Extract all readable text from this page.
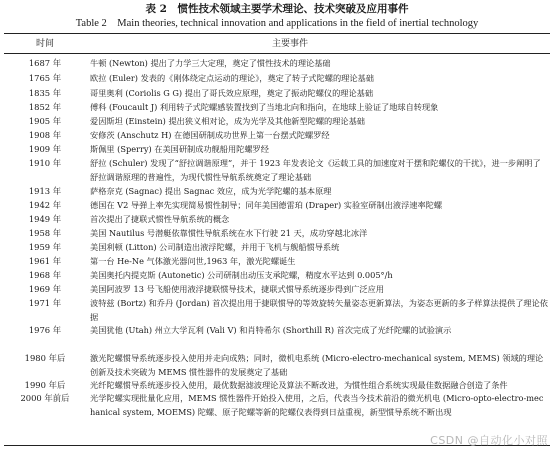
表 2　惯性技术领域主要学术理论、技术突破及应用事件
Table 2　Main theories, technical innovation and applications in the field of inertial technology
时间	主要事件
1687 年	牛顿 (Newton) 提出了力学三大定理，奠定了惯性技术的理论基础
1765 年	欧拉 (Euler) 发表的《刚体绕定点运动的理论》，奠定了转子式陀螺的理论基础
1835 年	哥里奥利 (Coriolis G G) 提出了哥氏效应原理，奠定了振动陀螺仪的理论基础
1852 年	傅科 (Foucault J) 利用转子式陀螺感装置找到了当地北向和指向，在地球上验证了地球自转现象
1905 年	爱因斯坦 (Einstein) 提出狭义相对论，成为光学及其他新型陀螺的理论基础
1908 年	安修茨 (Anschutz H) 在德国研制成功世界上第一台摆式陀螺罗经
1909 年	斯佩里 (Sperry) 在美国研制成功舰船用陀螺罗经
1910 年	舒拉 (Schuler) 发现了“舒拉调谐原理”，并于 1923 年发表论文《运载工具的加速度对于摆和陀螺仪的干扰》，进一步阐明了舒拉调谐原理的普遍性，为现代惯性导航系统奠定了理论基础
1913 年	萨格奈克 (Sagnac) 提出 Sagnac 效应，成为光学陀螺的基本原理
1942 年	德国在 V2 导弹上率先实现简易惯性制导；同年美国德雷珀 (Draper) 实验室研制出液浮速率陀螺
1949 年	首次提出了捷联式惯性导航系统的概念
1958 年	美国 Nautilus 号潜艇依靠惯性导航系统在水下行驶 21 天，成功穿越北冰洋
1959 年	美国利顿 (Litton) 公司制造出液浮陀螺，并用于飞机与舰船惯导系统
1961 年	第一台 He-Ne 气体激光器问世,1963 年，激光陀螺诞生
1968 年	美国奥托内提克斯 (Autonetic) 公司研制出动压支承陀螺，精度水平达到 0.005°/h
1969 年	美国阿波罗 13 号飞船使用液浮捷联惯导技术，捷联式惯导系统逐步得到广泛应用
1971 年	波特兹 (Bortz) 和乔丹 (Jordan) 首次提出用于捷联惯导的等效旋转矢量姿态更新算法，为姿态更新的多子样算法提供了理论依据
1976 年	美国犹他 (Utah) 州立大学瓦利 (Vali V) 和肖特希尔 (Shorthill R) 首次完成了光纤陀螺的试验演示
1980 年后	激光陀螺惯导系统逐步投入使用并走向成熟；同时，微机电系统 (Micro-electro-mechanical system, MEMS) 领域的理论创新及技术突破为 MEMS 惯性器件的发展奠定了基础
1990 年后	光纤陀螺惯导系统逐步投入使用，最优数据滤波理论及算法不断改进，为惯性组合系统实现最佳数据融合创造了条件
2000 年前后	光学陀螺实现批量化应用，MEMS 惯性器件开始投入使用，之后，代表当今技术前沿的微光机电 (Micro-opto-electro-mechanical system, MOEMS) 陀螺、原子陀螺等新的陀螺仪表得到日益重视，新型惯导系统不断出现
CSDN @自动化小对照
